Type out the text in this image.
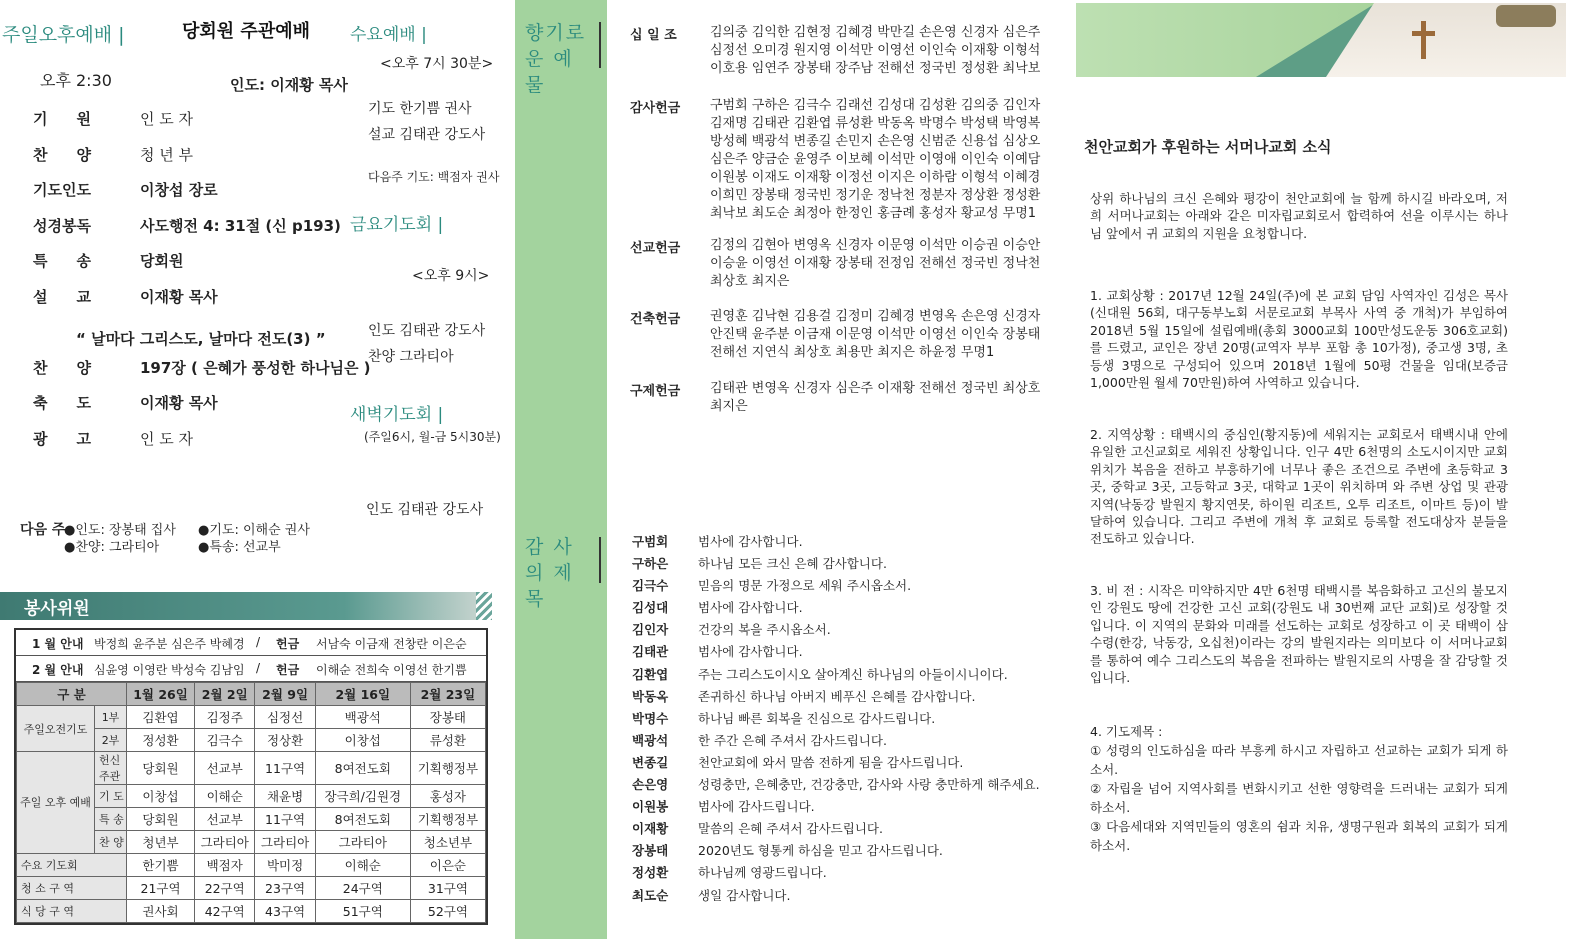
주일오후예배 |	당회원 주관예배
오후 2:30	인도: 이재황 목사
기 원	인 도 자
찬 양	청 년 부
기도인도	이창섭 장로
성경봉독	사도행전 4: 31절 (신 p193)
특 송	당회원
설 교	이재황 목사
찬 양	197장 ( 은혜가 풍성한 하나님은 )
축 도	이재황 목사
광 고	인 도 자
“ 날마다 그리스도, 날마다 전도(3) ”
다음 주
●인도: 장봉태 집사 ●기도: 이해순 권사
●찬양: 그라티아	●특송: 선교부
봉사위원
1 월 안내 박정희 윤주분 심은주 박혜경 / 헌금 서남숙 이금재 전창란 이은순
2 월 안내 심윤영 이영란 박성숙 김남임 / 헌금 이해순 전희숙 이영선 한기쁨
구 분		1월 26일	2월 2일	2월 9일	2월 16일	2월 23일
주일오전기도	1부	김환엽	김정주	심정선	백광석	장봉태
	2부	정성환	김극수	정상환	이창섭	류성환
주일 오후 예배	헌신주관	당회원	선교부	11구역	8여전도회	기획행정부
	기 도	이창섭	이해순	채윤병	장극희/김원경	홍성자
	특 송	당회원	선교부	11구역	8여전도회	기획행정부
	찬 양	청년부	그라티아	그라티아	그라티아	청소년부
수요 기도회		한기쁨	백점자	박미정	이해순	이은순
청 소 구 역		21구역	22구역	23구역	24구역	31구역
식 당 구 역		권사회	42구역	43구역	51구역	52구역
수요예배 |
<오후 7시 30분>
기도 한기쁨 권사
설교 김태관 강도사
다음주 기도: 백점자 권사
금요기도회 |
<오후 9시>
인도 김태관 강도사
찬양 그라티아
새벽기도회 |
(주일6시, 월-금 5시30분)
인도 김태관 강도사
향기로운 예 물
감 사 의 제 목
십 일 조	김의중 김익한 김현정 김혜경 박만길 손은영 신경자 심은주 심정선 오미경 원지영 이석만 이영선 이인숙 이재황 이형석 이호용 임연주 장봉태 장주남 전해선 정국빈 정성환 최낙보
감사헌금 구범회 구하은 김극수 김래선 김성대 김성환 김의중 김인자 김재명 김태관 김환엽 류성환 박동옥 박명수 박성택 박영복 방성혜 백광석 변종길 손민지 손은영 신범준 신용섭 심상오 심은주 양금순 윤영주 이보혜 이석만 이영애 이인숙 이예담 이원봉 이재도 이재황 이정선 이지은 이하람 이형석 이혜경 이희민 장봉태 정국빈 정기운 정낙천 정분자 정상환 정성환 최낙보 최도순 최정아 한정인 홍금례 홍성자 황교성 무명1
선교헌금 김정의 김현아 변영옥 신경자 이문영 이석만 이승권 이승안 이승윤 이영선 이재황 장봉태 전정임 전해선 정국빈 정낙천 최상호 최지은
건축헌금 권영훈 김낙현 김용걸 김정미 김혜경 변영옥 손은영 신경자 안진택 윤주분 이금재 이문영 이석만 이영선 이인숙 장봉태 전해선 지연식 최상호 최용만 최지은 하윤정 무명1
구제헌금 김태관 변영옥 신경자 심은주 이재황 전해선 정국빈 최상호 최지은
구범회 범사에 감사합니다.
구하은 하나님 모든 크신 은혜 감사합니다.
김극수 믿음의 명문 가정으로 세워 주시옵소서.
김성대 범사에 감사합니다.
김인자 건강의 복을 주시옵소서.
김태관 범사에 감사합니다.
김환엽 주는 그리스도이시오 살아계신 하나님의 아들이시니이다.
박동옥 존귀하신 하나님 아버지 베푸신 은혜를 감사합니다.
박명수 하나님 빠른 회복을 진심으로 감사드립니다.
백광석 한 주간 은혜 주셔서 감사드립니다.
변종길 천안교회에 와서 말씀 전하게 됨을 감사드립니다.
손은영 성령충만, 은혜충만, 건강충만, 감사와 사랑 충만하게 해주세요.
이원봉 범사에 감사드립니다.
이재황 말씀의 은혜 주셔서 감사드립니다.
장봉태 2020년도 형통케 하심을 믿고 감사드립니다.
정성환 하나님께 영광드립니다.
최도순 생일 감사합니다.
천안교회가 후원하는 서머나교회 소식
상위 하나님의 크신 은혜와 평강이 천안교회에 늘 함께 하시길 바라오며, 저희 서머나교회는 아래와 같은 미자립교회로서 합력하여 선을 이루시는 하나님 앞에서 귀 교회의 지원을 요청합니다.
1. 교회상황 : 2017년 12월 24일(주)에 본 교회 담임 사역자인 김성은 목사(신대원 56회, 대구동부노회 서문로교회 부목사 사역 중 개척)가 부임하여 2018년 5월 15일에 설립예배(총회 3000교회 100만성도운동 306호교회)를 드렸고, 교인은 장년 20명(교역자 부부 포함 총 10가정), 중고생 3명, 초등생 3명으로 구성되어 있으며 2018년 1월에 50평 건물을 임대(보증금 1,000만원 월세 70만원)하여 사역하고 있습니다.
2. 지역상황 : 태백시의 중심인(황지동)에 세워지는 교회로서 태백시내 안에 유일한 고신교회로 세워진 상황입니다. 인구 4만 6천명의 소도시이지만 교회 위치가 복음을 전하고 부흥하기에 너무나 좋은 조건으로 주변에 초등학교 3곳, 중학교 3곳, 고등학교 3곳, 대학교 1곳이 위치하며 와 주변 상업 및 관광지역(낙동강 발원지 황지연못, 하이원 리조트, 오투 리조트, 이마트 등)이 발달하여 있습니다. 그리고 주변에 개척 후 교회로 등록할 전도대상자 분들을 전도하고 있습니다.
3. 비 전 : 시작은 미약하지만 4만 6천명 태백시를 복음화하고 고신의 불모지인 강원도 땅에 건강한 고신 교회(강원도 내 30번째 교단 교회)로 성장할 것입니다. 이 지역의 문화와 미래를 선도하는 교회로 성장하고 이 곳 태백이 삼수령(한강, 낙동강, 오십천)이라는 강의 발원지라는 의미보다 이 서머나교회를 통하여 예수 그리스도의 복음을 전파하는 발원지로의 사명을 잘 감당할 것입니다.
4. 기도제목 :
① 성령의 인도하심을 따라 부흥케 하시고 자립하고 선교하는 교회가 되게 하소서.
② 자립을 넘어 지역사회를 변화시키고 선한 영향력을 드러내는 교회가 되게 하소서.
③ 다음세대와 지역민들의 영혼의 쉼과 치유, 생명구원과 회복의 교회가 되게 하소서.
